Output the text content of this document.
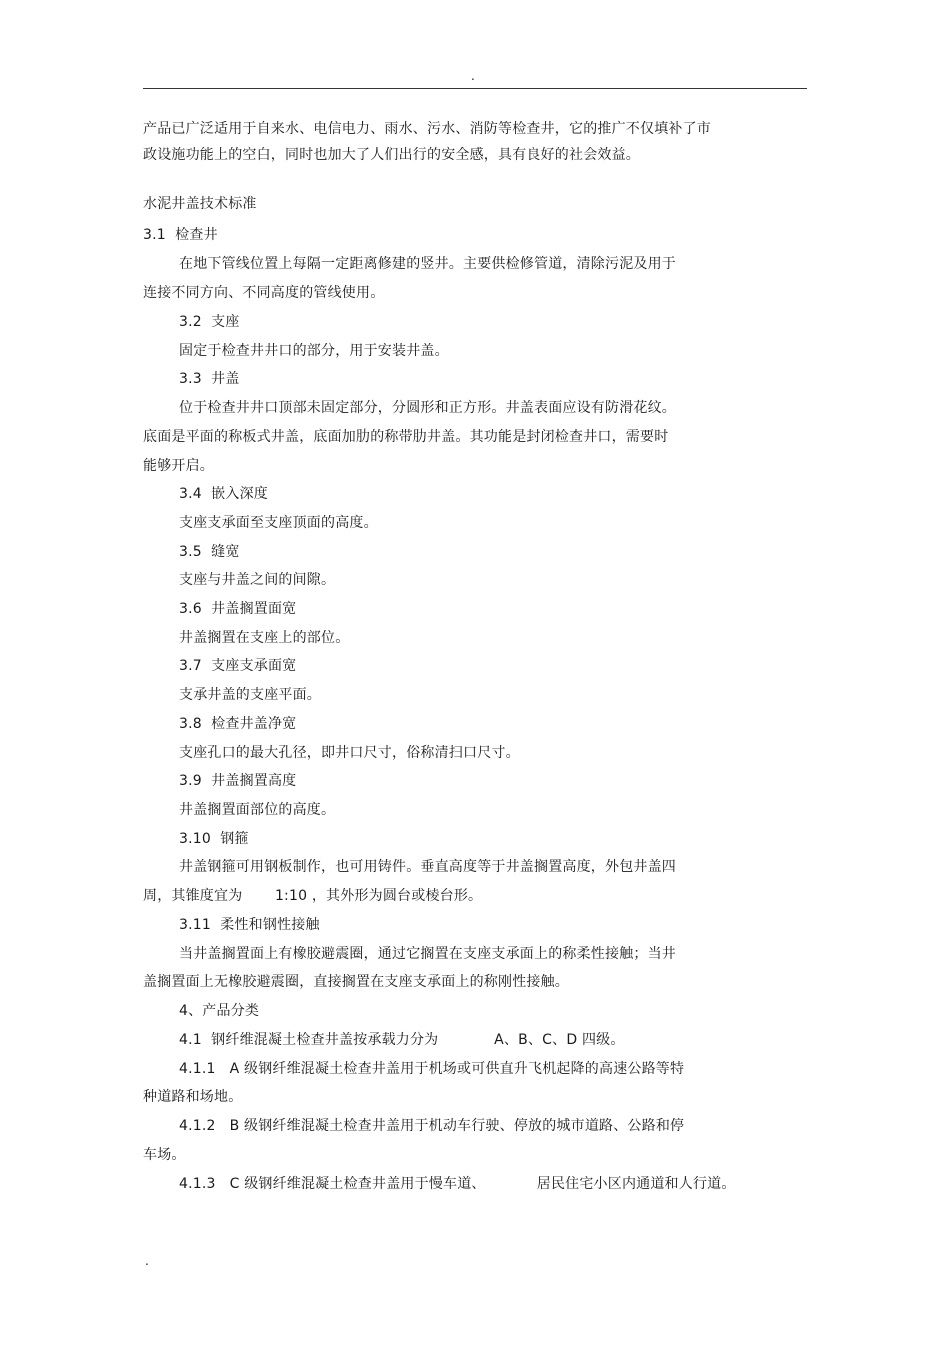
.
产品已广泛适用于自来水、电信电力、雨水、污水、消防等检查井，它的推广不仅填补了市
政设施功能上的空白，同时也加大了人们出行的安全感，具有良好的社会效益。
水泥井盖技术标准
3.1  检查井
在地下管线位置上每隔一定距离修建的竖井。主要供检修管道，清除污泥及用于
连接不同方向、不同高度的管线使用。
3.2  支座
固定于检查井井口的部分，用于安装井盖。
3.3  井盖
位于检查井井口顶部未固定部分，分圆形和正方形。井盖表面应设有防滑花纹。
底面是平面的称板式井盖，底面加肋的称带肋井盖。其功能是封闭检查井口，需要时
能够开启。
3.4  嵌入深度
支座支承面至支座顶面的高度。
3.5  缝宽
支座与井盖之间的间隙。
3.6  井盖搁置面宽
井盖搁置在支座上的部位。
3.7  支座支承面宽
支承井盖的支座平面。
3.8  检查井盖净宽
支座孔口的最大孔径，即井口尺寸，俗称清扫口尺寸。
3.9  井盖搁置高度
井盖搁置面部位的高度。
3.10  钢箍
井盖钢箍可用钢板制作，也可用铸件。垂直高度等于井盖搁置高度，外包井盖四
周，其锥度宜为       1:10 ，其外形为圆台或棱台形。
3.11  柔性和钢性接触
当井盖搁置面上有橡胶避震圈，通过它搁置在支座支承面上的称柔性接触；当井
盖搁置面上无橡胶避震圈，直接搁置在支座支承面上的称刚性接触。
4、产品分类
4.1  钢纤维混凝土检查井盖按承载力分为            A、B、C、D 四级。
4.1.1   A 级钢纤维混凝土检查井盖用于机场或可供直升飞机起降的高速公路等特
种道路和场地。
4.1.2   B 级钢纤维混凝土检查井盖用于机动车行驶、停放的城市道路、公路和停
车场。
4.1.3   C 级钢纤维混凝土检查井盖用于慢车道、           居民住宅小区内通道和人行道。
.
